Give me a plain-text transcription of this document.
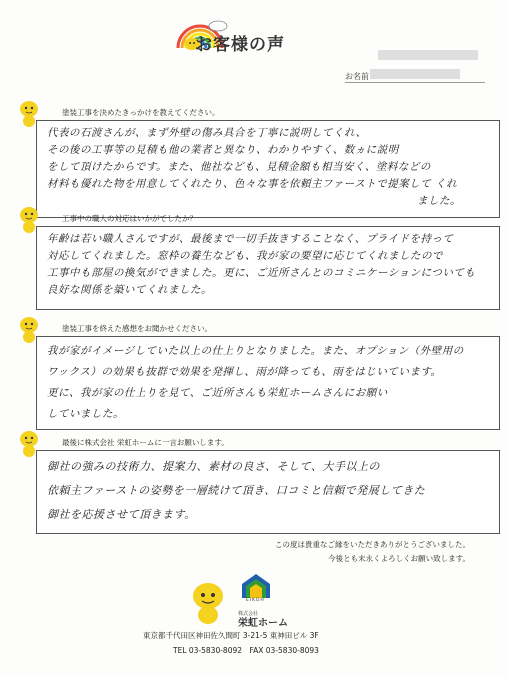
お客様の声
お名前
塗装工事を決めたきっかけを教えてください。

代表の石渡さんが、まず外壁の傷み具合を丁寧に説明してくれ、

その後の工事等の見積も他の業者と異なり、わかりやすく、数ヵに説明

をして頂けたからです。また、他社なども、見積金額も相当安く、塗料などの

材料も優れた物を用意してくれたり、色々な事を依頼主ファーストで提案して くれ

ました。

工事中の職人の対応はいかがでしたか？

年齢は若い職人さんですが、最後まで一切手抜きすることなく、プライドを持って

対応してくれました。窓枠の養生なども、我が家の要望に応じてくれましたので

工事中も部屋の換気ができました。更に、ご近所さんとのコミニケーションについても

良好な関係を築いてくれました。

塗装工事を終えた感想をお聞かせください。

我が家がイメージしていた以上の仕上りとなりました。また、オプション（外壁用の

ワックス）の効果も抜群で効果を発揮し、雨が降っても、雨をはじいています。

更に、我が家の仕上りを見て、ご近所さんも栄虹ホームさんにお願い

していました。

最後に株式会社 栄虹ホームに一言お願いします。

御社の強みの技術力、提案力、素材の良さ、そして、大手以上の

依頼主ファーストの姿勢を一層続けて頂き、口コミと信頼で発展してきた

御社を応援させて頂きます。

この度は貴重なご縁をいただきありがとうございました。
今後とも末永くよろしくお願い致します。
EIKOH
株式会社
栄虹ホーム
東京都千代田区神田佐久間町 3-21-5 東神田ビル 3F
TEL 03-5830-8092　FAX 03-5830-8093
